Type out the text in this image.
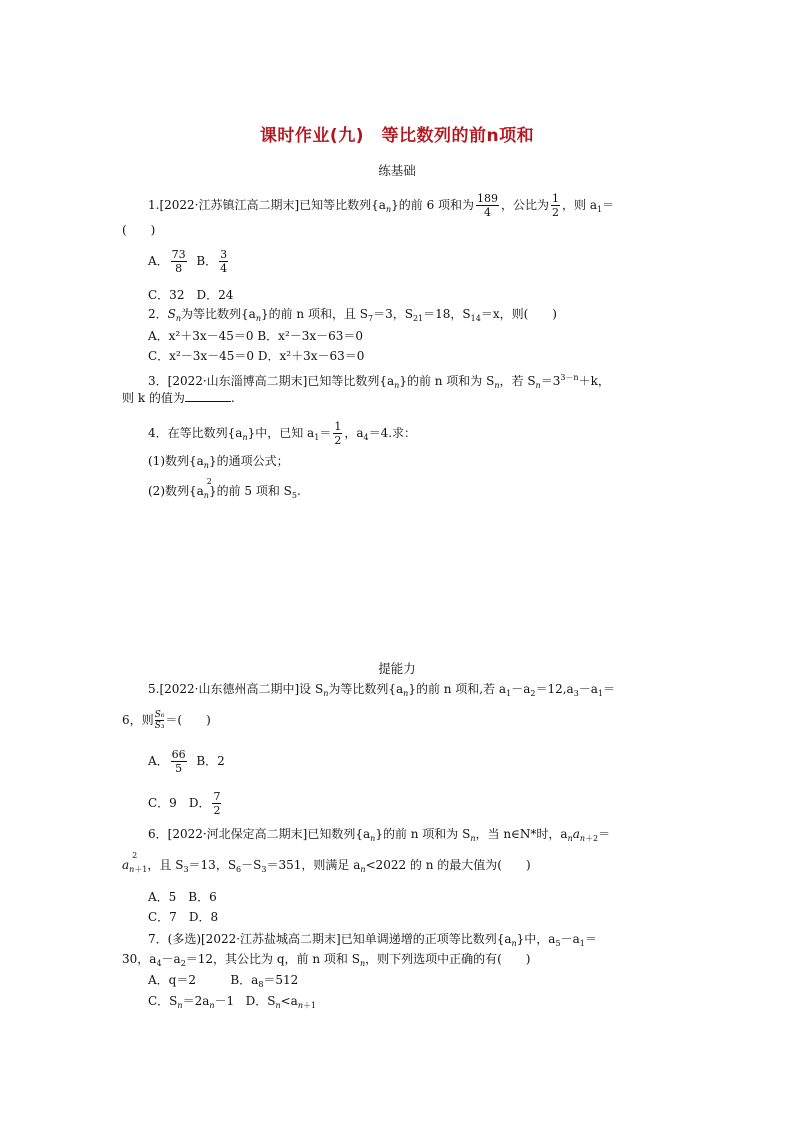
课时作业(九)　等比数列的前n项和
练基础
1.[2022·江苏镇江高二期末]已知等比数列$\{a_n\}$的前 6 项和为 $\frac{189}{4}$ ，公比为 $\frac{1}{2}$ ，则 $a_1=$
(　　)
A． $\frac{73}{8}$ B． $\frac{3}{4}$
C．32　D．24
2．$S_n$为等比数列$\{a_n\}$的前 n 项和，且 $S_7=3$，$S_{21}=18$，$S_{14}=x$，则(　　)
A．x²＋3x－45＝0 B．x²－3x－63＝0
C．x²－3x－45＝0 D．x²＋3x－63＝0
3．[2022·山东淄博高二期末]已知等比数列$\{a_n\}$的前 n 项和为 $S_n$，若 $S_n=3^{3-n}+k$，
则 k 的值为	.
4．在等比数列$\{a_n\}$中，已知 $a_1= \frac{1}{2}$ ，$a_4=4$.求：
(1)数列$\{a_n\}$的通项公式；
(2)数列{$a_n$
2
}的前 5 项和 $S_5$.
提能力
5.[2022·山东德州高二期中]设 $S_n$为等比数列$\{a_n\}$的前 n 项和,若 $a_1-a_2=12,a_3-a_1=$
6，则 $\frac{\text{S₆}}{\text{S₃}}$ ＝(　　)
A． $\frac{66}{5}$ B．2
C．9　D． $\frac{7}{2}$
6．[2022·河北保定高二期末]已知数列$\{a_n\}$的前 n 项和为 $S_n$，当 n∈N*时，$a_na_{n+2}=$
$a_{n+1}$
2
，且 $S_3=13$，$S_6-S_3=351$，则满足 $a_n<2022$ 的 n 的最大值为(　　)
A．5　B．6
C．7　D．8
7．(多选)[2022·江苏盐城高二期末]已知单调递增的正项等比数列$\{a_n\}$中，$a_5-a_1=$
30，$a_4-a_2=12$，其公比为 q，前 n 项和 $S_n$，则下列选项中正确的有(　　)
A．q＝2	B．$a_8=512$
C．$S_n=2a_n-1$ D．$S_n<a_{n+1}$
